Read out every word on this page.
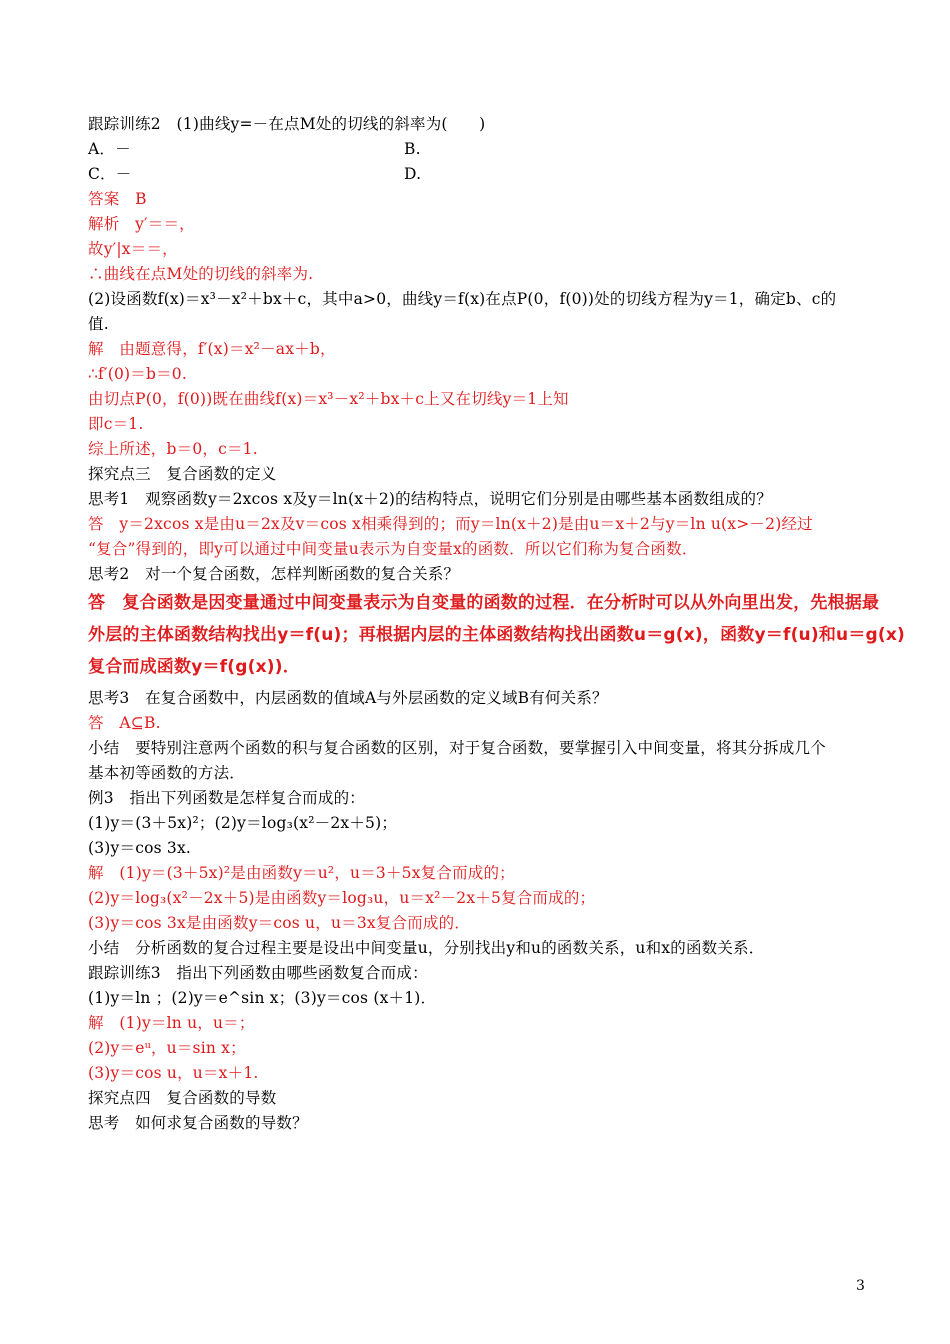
跟踪训练2　(1)曲线y=－在点M处的切线的斜率为(　　)
A．－	B.
C．－	D.
答案　B
解析　y′＝＝，
故y′|x＝＝，
∴曲线在点M处的切线的斜率为.
(2)设函数f(x)＝x³－x²＋bx＋c，其中a>0，曲线y＝f(x)在点P(0，f(0))处的切线方程为y＝1，确定b、c的
值.
解　由题意得，f′(x)＝x²－ax＋b，
∴f′(0)＝b＝0.
由切点P(0，f(0))既在曲线f(x)＝x³－x²＋bx＋c上又在切线y＝1上知
即c＝1.
综上所述，b＝0，c＝1.
探究点三　复合函数的定义
思考1　观察函数y＝2xcos x及y＝ln(x＋2)的结构特点，说明它们分别是由哪些基本函数组成的？
答　y＝2xcos x是由u＝2x及v＝cos x相乘得到的；而y＝ln(x＋2)是由u＝x＋2与y＝ln u(x>－2)经过
“复合”得到的，即y可以通过中间变量u表示为自变量x的函数．所以它们称为复合函数．
思考2　对一个复合函数，怎样判断函数的复合关系？
答　复合函数是因变量通过中间变量表示为自变量的函数的过程．在分析时可以从外向里出发，先根据最
外层的主体函数结构找出y＝f(u)；再根据内层的主体函数结构找出函数u＝g(x)，函数y＝f(u)和u＝g(x)
复合而成函数y＝f(g(x))．
思考3　在复合函数中，内层函数的值域A与外层函数的定义域B有何关系？
答　A⊆B.
小结　要特别注意两个函数的积与复合函数的区别，对于复合函数，要掌握引入中间变量，将其分拆成几个
基本初等函数的方法．
例3　指出下列函数是怎样复合而成的：
(1)y＝(3＋5x)²；(2)y＝log₃(x²－2x＋5)；
(3)y＝cos 3x.
解　(1)y＝(3＋5x)²是由函数y＝u²，u＝3＋5x复合而成的；
(2)y＝log₃(x²－2x＋5)是由函数y＝log₃u，u＝x²－2x＋5复合而成的；
(3)y＝cos 3x是由函数y＝cos u，u＝3x复合而成的．
小结　分析函数的复合过程主要是设出中间变量u，分别找出y和u的函数关系，u和x的函数关系．
跟踪训练3　指出下列函数由哪些函数复合而成：
(1)y＝ln ；(2)y＝e^sin x；(3)y＝cos (x＋1)．
解　(1)y＝ln u，u＝；
(2)y＝eᵘ，u＝sin x；
(3)y＝cos u，u＝x＋1.
探究点四　复合函数的导数
思考　如何求复合函数的导数？
3
